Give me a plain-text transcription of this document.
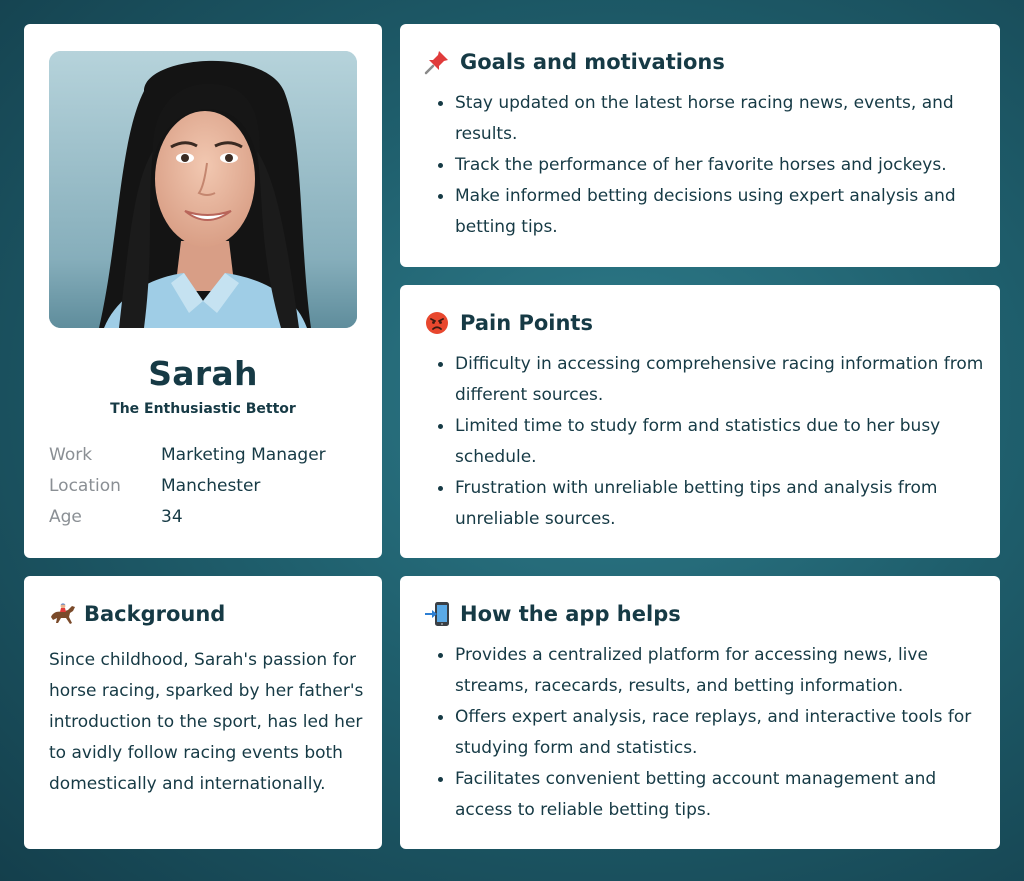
Sarah
The Enthusiastic Bettor
Work	Marketing Manager
Location	Manchester
Age	34
Goals and motivations
Stay updated on the latest horse racing news, events, and results.
Track the performance of her favorite horses and jockeys.
Make informed betting decisions using expert analysis and betting tips.
Pain Points
Difficulty in accessing comprehensive racing information from different sources.
Limited time to study form and statistics due to her busy schedule.
Frustration with unreliable betting tips and analysis from unreliable sources.
Background
Since childhood, Sarah's passion for horse racing, sparked by her father's introduction to the sport, has led her to avidly follow racing events both domestically and internationally.
How the app helps
Provides a centralized platform for accessing news, live streams, racecards, results, and betting information.
Offers expert analysis, race replays, and interactive tools for studying form and statistics.
Facilitates convenient betting account management and access to reliable betting tips.
